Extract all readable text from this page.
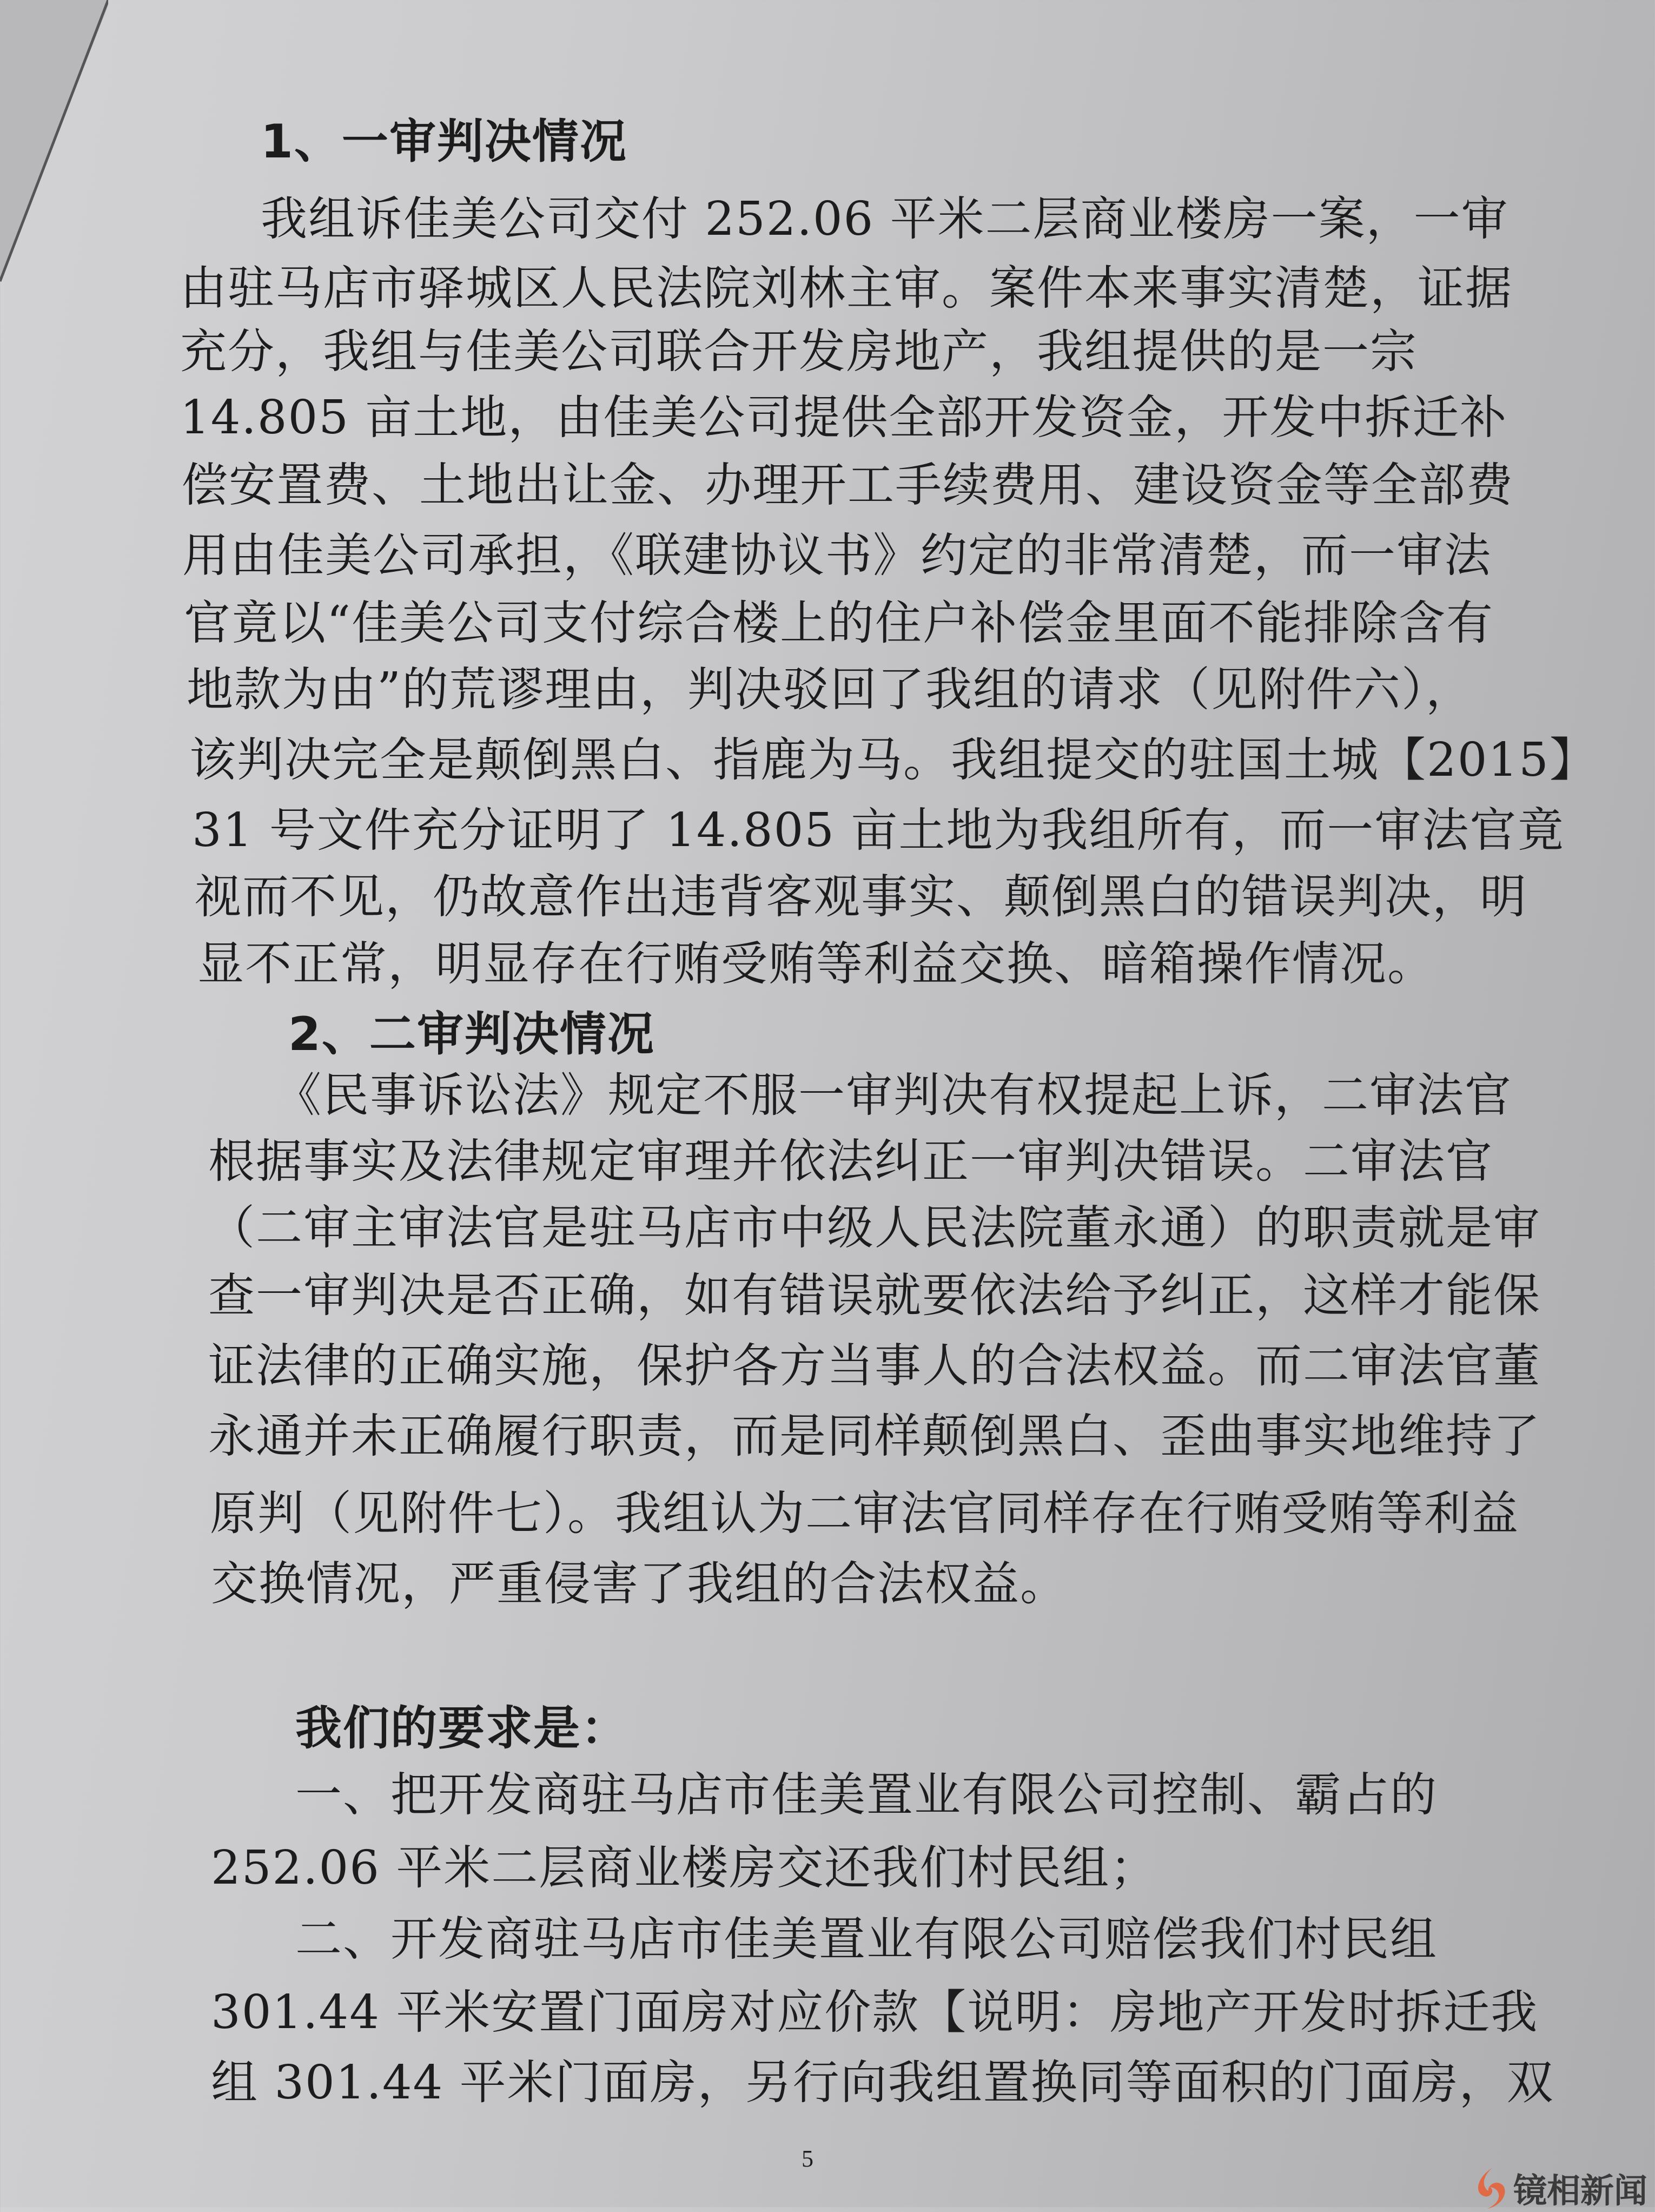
1、一审判决情况
我组诉佳美公司交付 252.06 平米二层商业楼房一案，一审
由驻马店市驿城区人民法院刘林主审。案件本来事实清楚，证据
充分，我组与佳美公司联合开发房地产，我组提供的是一宗
14.805 亩土地，由佳美公司提供全部开发资金，开发中拆迁补
偿安置费、土地出让金、办理开工手续费用、建设资金等全部费
用由佳美公司承担，《联建协议书》约定的非常清楚，而一审法
官竟以“佳美公司支付综合楼上的住户补偿金里面不能排除含有
地款为由”的荒谬理由，判决驳回了我组的请求（见附件六），
该判决完全是颠倒黑白、指鹿为马。我组提交的驻国土城【2015】
31 号文件充分证明了 14.805 亩土地为我组所有，而一审法官竟
视而不见，仍故意作出违背客观事实、颠倒黑白的错误判决，明
显不正常，明显存在行贿受贿等利益交换、暗箱操作情况。
2、二审判决情况
《民事诉讼法》规定不服一审判决有权提起上诉，二审法官
根据事实及法律规定审理并依法纠正一审判决错误。二审法官
（二审主审法官是驻马店市中级人民法院董永通）的职责就是审
查一审判决是否正确，如有错误就要依法给予纠正，这样才能保
证法律的正确实施，保护各方当事人的合法权益。而二审法官董
永通并未正确履行职责，而是同样颠倒黑白、歪曲事实地维持了
原判（见附件七）。我组认为二审法官同样存在行贿受贿等利益
交换情况，严重侵害了我组的合法权益。
我们的要求是：
一、把开发商驻马店市佳美置业有限公司控制、霸占的
252.06 平米二层商业楼房交还我们村民组；
二、开发商驻马店市佳美置业有限公司赔偿我们村民组
301.44 平米安置门面房对应价款【说明：房地产开发时拆迁我
组 301.44 平米门面房，另行向我组置换同等面积的门面房，双
5
镜相新闻
